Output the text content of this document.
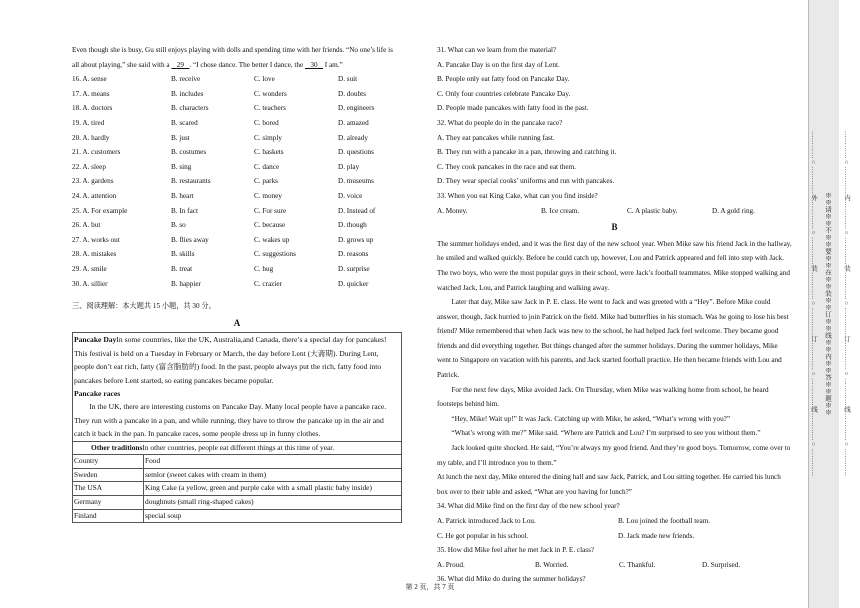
Even though she is busy, Gu still enjoys playing with dolls and spending time with her friends. “No one’s life is

all about playing,” she said with a    29 . “I chose dance. The better I dance, the    30    I am.”

16. A. sense	B. receive	C. love	D. suit
17. A. means	B. includes	C. wonders	D. doubts
18. A. doctors	B. characters	C. teachers	D. engineers
19. A. tired	B. scared	C. bored	D. amazed
20. A. hardly	B. just	C. simply	D. already
21. A. customers	B. costumes	C. baskets	D. questions
22. A. sleep	B. sing	C. dance	D. play
23. A. gardens	B. restaurants	C. parks	D. museums
24. A. attention	B. heart	C. money	D. voice
25. A. For example	B. In fact	C. For sure	D. Instead of
26. A. but	B. so	C. because	D. though
27. A. works out	B. flies away	C. wakes up	D. grows up
28. A. mistakes	B. skills	C. suggestions	D. reasons
29. A. smile	B. treat	C. hug	D. surprise
30. A. sillier	B. happier	C. crazier	D. quicker

三、阅读理解：本大题共 15 小题，共 30 分。

A

Pancake DayIn some countries, like the UK, Australia,and Canada, there’s a special day for pancakes! This festival is held on a Tuesday in February or March, the day before Lent (大斋期). During Lent, people don’t eat rich, fatty (富含脂肪的) food. In the past, people always put the rich, fatty food into pancakes before Lent started, so eating pancakes became popular.

Pancake races

In the UK, there are interesting customs on Pancake Day. Many local people have a pancake race. They run with a pancake in a pan, and while running, they have to throw the pancake up in the air and catch it back in the pan. In pancake races, some people dress up in funny clothes.

Other traditionsIn other countries, people eat different things at this time of year.	
Country	Food
Sweden	semlor (sweet cakes with cream in them)
The USA	King Cake (a yellow, green and purple cake with a small plastic baby inside)
Germany	doughnuts (small ring-shaped cakes)
Finland	special soup

31. What can we learn from the material?

A. Pancake Day is on the first day of Lent.

B. People only eat fatty food on Pancake Day.

C. Only four countries celebrate Pancake Day.

D. People made pancakes with fatty food in the past.

32. What do people do in the pancake race?

A. They eat pancakes while running fast.

B. They run with a pancake in a pan, throwing and catching it.

C. They cook pancakes in the race and eat them.

D. They wear special cooks’ uniforms and run with pancakes.

33. When you eat King Cake, what can you find inside?

A. Money.	B. Ice cream.	C. A plastic baby.	D. A gold ring.

B

The summer holidays ended, and it was the first day of the new school year. When Mike saw his friend Jack in the hallway, he smiled and walked quickly. Before he could catch up, however, Lou and Patrick appeared and fell into step with Jack. The two boys, who were the most popular guys in their school, were Jack’s football teammates. Mike stopped walking and watched Jack, Lou, and Patrick laughing and walking away.

Later that day, Mike saw Jack in P. E. class. He went to Jack and was greeted with a “Hey”. Before Mike could answer, though, Jack hurried to join Patrick on the field. Mike had butterflies in his stomach. Was he going to lose his best friend? Mike remembered that when Jack was new to the school, he had helped Jack feel welcome. They became good friends and did everything together. But things changed after the summer holidays. During the summer holidays, Mike went to Singapore on vacation with his parents, and Jack started football practice. He then became friends with Lou and Patrick.

For the next few days, Mike avoided Jack. On Thursday, when Mike was walking home from school, he heard footsteps behind him.

“Hey, Mike! Wait up!” It was Jack. Catching up with Mike, he asked, “What’s wrong with you?”

“What’s wrong with me?” Mike said. “Where are Patrick and Lou? I’m surprised to see you without them.”

Jack looked quite shocked. He said, “You’re always my good friend. And they’re good boys. Tomorrow, come over to my table, and I’ll introduce you to them.”

At lunch the next day, Mike entered the dining hall and saw Jack, Patrick, and Lou sitting together. He carried his lunch box over to their table and asked, “What are you having for lunch?”

34. What did Mike find on the first day of the new school year?

A. Patrick introduced Jack to Lou.	B. Lou joined the football team.
C. He got popular in his school.	D. Jack made new friends.

35. How did Mike feel after he met Jack in P. E. class?

A. Proud.	B. Worried.	C. Thankful.	D. Surprised.

36. What did Mike do during the summer holidays?

第 2 页，共 7 页
…………○…………外…………○…………装…………○…………订…………○…………线…………○………… ※※请※※不※※要※※在※※装※※订※※线※※内※※答※※题※※ …………○…………内…………○…………装…………○…………订…………○…………线…………○…………
